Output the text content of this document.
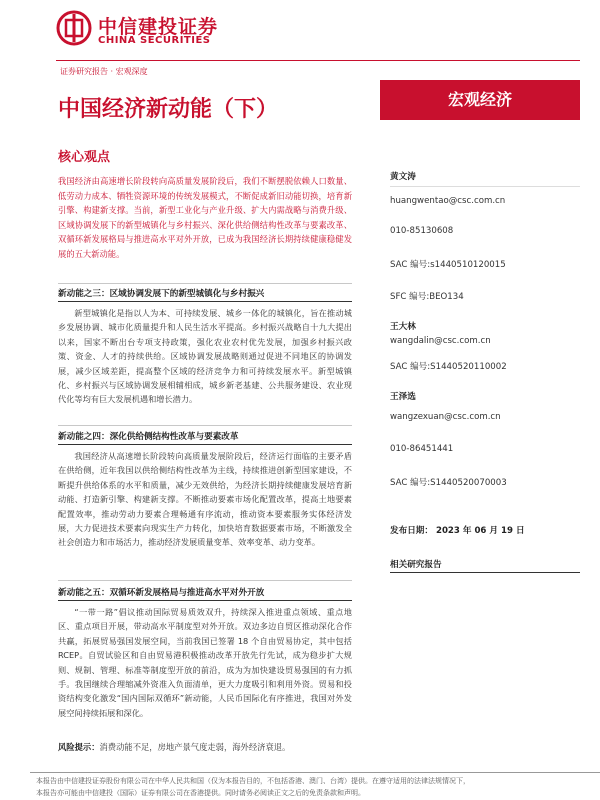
中信建投证券
CHINA SECURITIES
证券研究报告 · 宏观深度
宏观经济
中国经济新动能（下）
核心观点
我国经济由高速增长阶段转向高质量发展阶段后，我们不断摆脱依赖人口数量、低劳动力成本、牺牲资源环境的传统发展模式，不断促成新旧动能切换，培育新引擎、构建新支撑。当前，新型工业化与产业升级、扩大内需战略与消费升级、区域协调发展下的新型城镇化与乡村振兴、深化供给侧结构性改革与要素改革、双循环新发展格局与推进高水平对外开放，已成为我国经济长期持续健康稳健发展的五大新动能。
新动能之三：区域协调发展下的新型城镇化与乡村振兴
新型城镇化是指以人为本、可持续发展、城乡一体化的城镇化，旨在推动城乡发展协调、城市化质量提升和人民生活水平提高。乡村振兴战略自十九大提出以来，国家不断出台专项支持政策，强化农业农村优先发展，加强乡村振兴政策、资金、人才的持续供给。区域协调发展战略则通过促进不同地区的协调发展，减少区域差距，提高整个区域的经济竞争力和可持续发展水平。新型城镇化、乡村振兴与区域协调发展相辅相成，城乡新老基建、公共服务建设、农业现代化等均有巨大发展机遇和增长潜力。
新动能之四：深化供给侧结构性改革与要素改革
我国经济从高速增长阶段转向高质量发展阶段后，经济运行面临的主要矛盾在供给侧，近年我国以供给侧结构性改革为主线，持续推进创新型国家建设，不断提升供给体系的水平和质量，减少无效供给，为经济长期持续健康发展培育新动能、打造新引擎、构建新支撑。不断推动要素市场化配置改革，提高土地要素配置效率，推动劳动力要素合理畅通有序流动，推动资本要素服务实体经济发展，大力促进技术要素向现实生产力转化，加快培育数据要素市场，不断激发全社会创造力和市场活力，推动经济发展质量变革、效率变革、动力变革。
新动能之五：双循环新发展格局与推进高水平对外开放
“一带一路”倡议推动国际贸易质效双升，持续深入推进重点领域、重点地区、重点项目开展，带动高水平制度型对外开放。双边多边自贸区推动深化合作共赢，拓展贸易强国发展空间，当前我国已签署 18 个自由贸易协定，其中包括 RCEP。自贸试验区和自由贸易港积极推动改革开放先行先试，成为稳步扩大规则、规制、管理、标准等制度型开放的前沿，成为为加快建设贸易强国的有力抓手。我国继续合理缩减外资准入负面清单，更大力度吸引和利用外资。贸易和投资结构变化激发“国内国际双循环”新动能，人民币国际化有序推进，我国对外发展空间持续拓展和深化。
风险提示：消费动能不足，房地产景气度走弱，海外经济衰退。
黄文涛
huangwentao@csc.com.cn
010-85130608
SAC 编号:s1440510120015
SFC 编号:BEO134
王大林
wangdalin@csc.com.cn
SAC 编号:S1440520110002
王泽选
wangzexuan@csc.com.cn
010-86451441
SAC 编号:S1440520070003
发布日期： 2023 年 06 月 19 日
相关研究报告
本报告由中信建投证券股份有限公司在中华人民共和国（仅为本报告目的，不包括香港、澳门、台湾）提供。在遵守适用的法律法规情况下，
本报告亦可能由中信建投（国际）证券有限公司在香港提供。同时请务必阅读正文之后的免责条款和声明。
